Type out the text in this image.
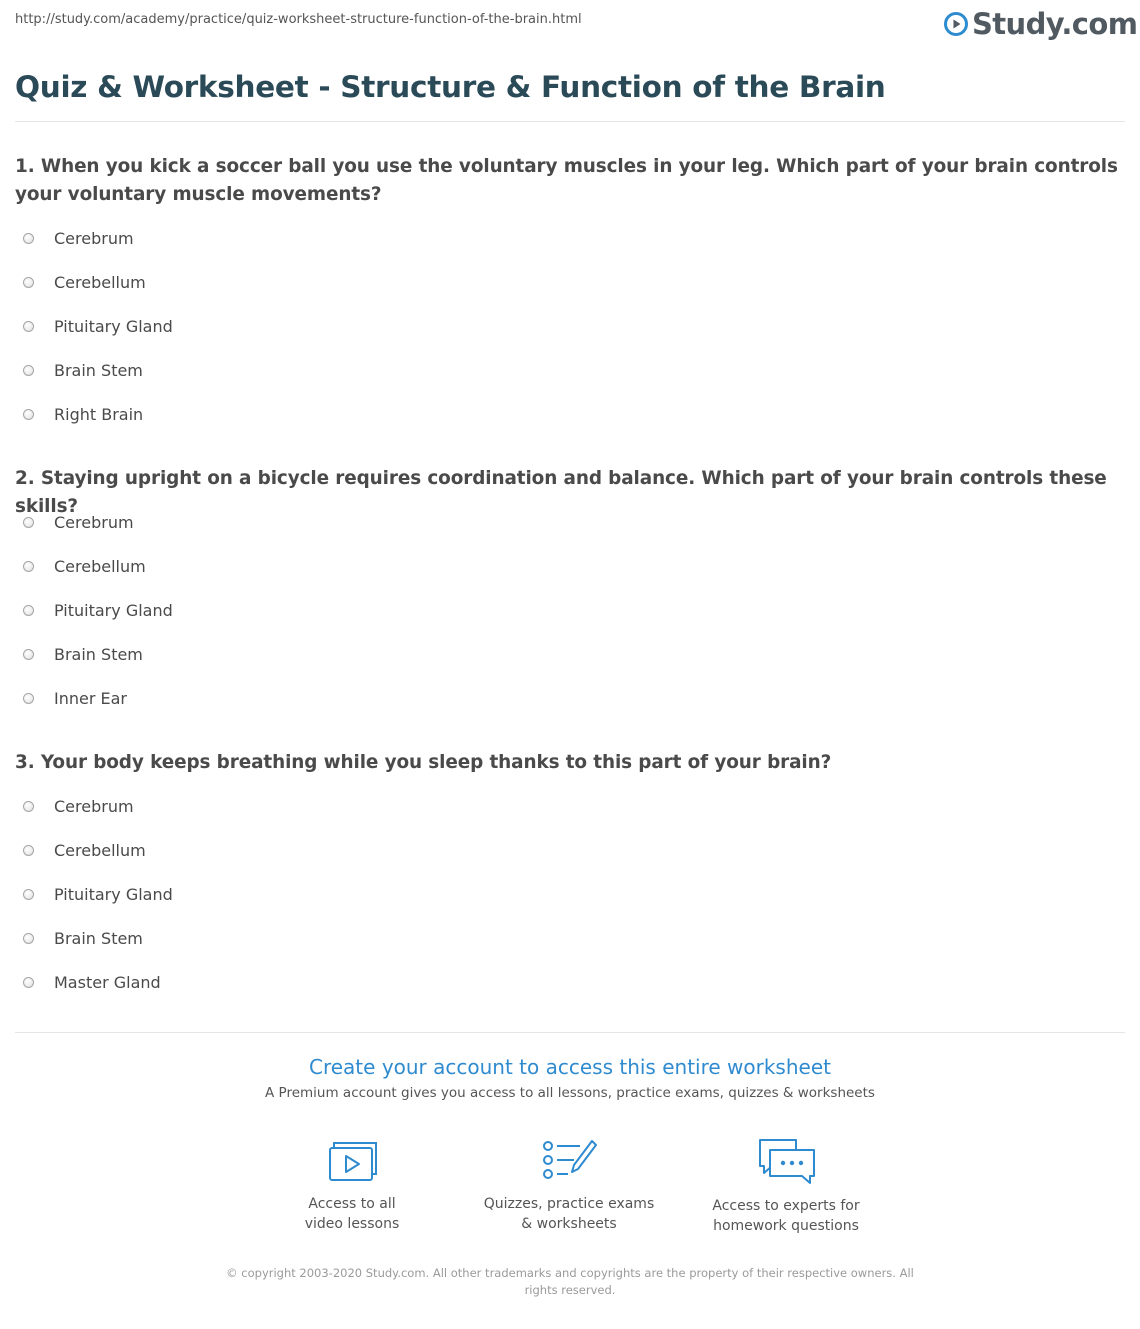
http://study.com/academy/practice/quiz-worksheet-structure-function-of-the-brain.html	Study.com
Quiz & Worksheet - Structure & Function of the Brain

1. When you kick a soccer ball you use the voluntary muscles in your leg. Which part of your brain controls your voluntary muscle movements?

Cerebrum
Cerebellum
Pituitary Gland
Brain Stem
Right Brain

2. Staying upright on a bicycle requires coordination and balance. Which part of your brain controls these skills?

Cerebrum
Cerebellum
Pituitary Gland
Brain Stem
Inner Ear

3. Your body keeps breathing while you sleep thanks to this part of your brain?

Cerebrum
Cerebellum
Pituitary Gland
Brain Stem
Master Gland
Create your account to access this entire worksheet
A Premium account gives you access to all lessons, practice exams, quizzes & worksheets
Access to all
video lessons
Quizzes, practice exams
& worksheets
Access to experts for
homework questions
© copyright 2003-2020 Study.com. All other trademarks and copyrights are the property of their respective owners. All rights reserved.
